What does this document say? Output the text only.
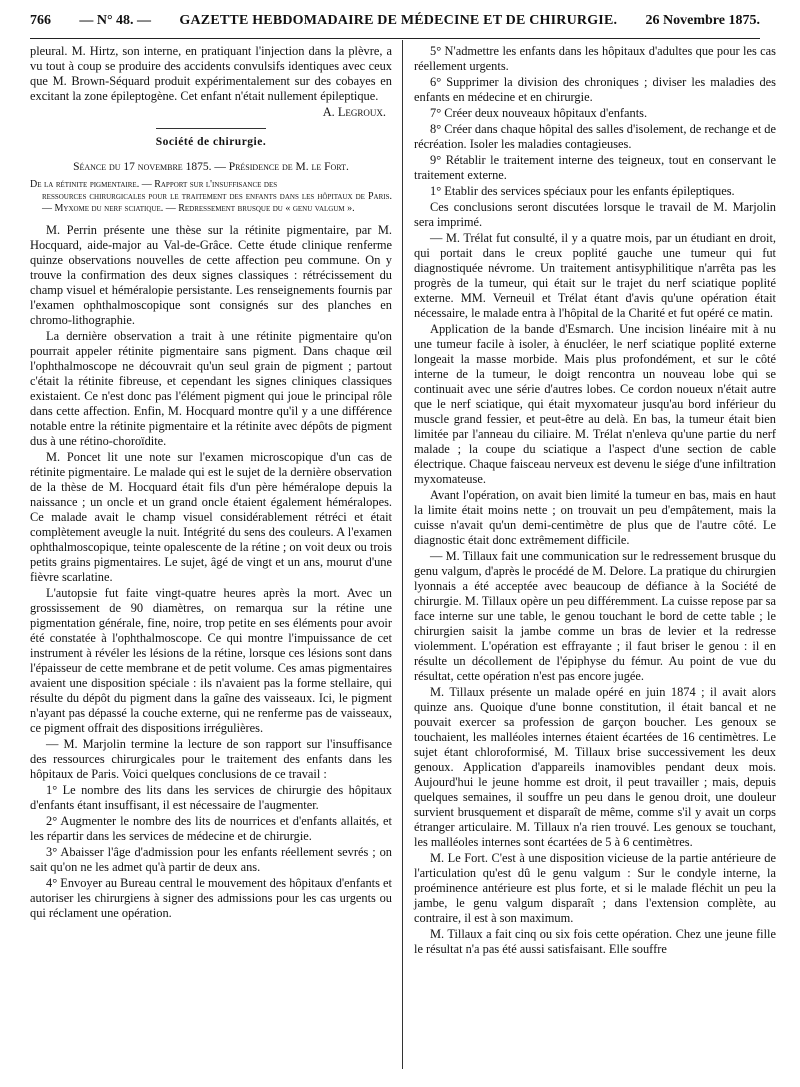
766 — N° 48. — GAZETTE HEBDOMADAIRE DE MÉDECINE ET DE CHIRURGIE. 26 Novembre 1875.

pleural. M. Hirtz, son interne, en pratiquant l'injection dans la plèvre, a vu tout à coup se produire des accidents convulsifs identiques avec ceux que M. Brown-Séquard produit expérimentalement sur des cobayes en excitant la zone épileptogène. Cet enfant n'était nullement épileptique.

A. Legroux.
Société de chirurgie.
Séance du 17 novembre 1875. — Présidence de M. le Fort.
De la rétinite pigmentaire. — Rapport sur l'insuffisance des
ressources chirurgicales pour le traitement des enfants dans les hôpitaux de Paris. — Myxome du nerf sciatique. — Redressement brusque du « genu valgum ».

M. Perrin présente une thèse sur la rétinite pigmentaire, par M. Hocquard, aide-major au Val-de-Grâce. Cette étude clinique renferme quinze observations nouvelles de cette affection peu commune. On y trouve la confirmation des deux signes classiques : rétrécissement du champ visuel et héméralopie persistante. Les renseignements fournis par l'examen ophthalmoscopique sont consignés sur des planches en chromo-lithographie.

La dernière observation a trait à une rétinite pigmentaire qu'on pourrait appeler rétinite pigmentaire sans pigment. Dans chaque œil l'ophthalmoscope ne découvrait qu'un seul grain de pigment ; partout c'était la rétinite fibreuse, et cependant les signes cliniques classiques existaient. Ce n'est donc pas l'élément pigment qui joue le principal rôle dans cette affection. Enfin, M. Hocquard montre qu'il y a une différence notable entre la rétinite pigmentaire et la rétinite avec dépôts de pigment dus à une rétino-choroïdite.

M. Poncet lit une note sur l'examen microscopique d'un cas de rétinite pigmentaire. Le malade qui est le sujet de la dernière observation de la thèse de M. Hocquard était fils d'un père héméralope depuis la naissance ; un oncle et un grand oncle étaient également héméralopes. Ce malade avait le champ visuel considérablement rétréci et était complètement aveugle la nuit. Intégrité du sens des couleurs. A l'examen ophthalmoscopique, teinte opalescente de la rétine ; on voit deux ou trois petits grains pigmentaires. Le sujet, âgé de vingt et un ans, mourut d'une fièvre scarlatine.

L'autopsie fut faite vingt-quatre heures après la mort. Avec un grossissement de 90 diamètres, on remarqua sur la rétine une pigmentation générale, fine, noire, trop petite en ses éléments pour avoir été constatée à l'ophthalmoscope. Ce qui montre l'impuissance de cet instrument à révéler les lésions de la rétine, lorsque ces lésions sont dans l'épaisseur de cette membrane et de petit volume. Ces amas pigmentaires avaient une disposition spéciale : ils n'avaient pas la forme stellaire, qui résulte du dépôt du pigment dans la gaîne des vaisseaux. Ici, le pigment n'ayant pas dépassé la couche externe, qui ne renferme pas de vaisseaux, ce pigment offrait des dispositions irrégulières.

— M. Marjolin termine la lecture de son rapport sur l'insuffisance des ressources chirurgicales pour le traitement des enfants dans les hôpitaux de Paris. Voici quelques conclusions de ce travail :

1° Le nombre des lits dans les services de chirurgie des hôpitaux d'enfants étant insuffisant, il est nécessaire de l'augmenter.

2° Augmenter le nombre des lits de nourrices et d'enfants allaités, et les répartir dans les services de médecine et de chirurgie.

3° Abaisser l'âge d'admission pour les enfants réellement sevrés ; on sait qu'on ne les admet qu'à partir de deux ans.

4° Envoyer au Bureau central le mouvement des hôpitaux d'enfants et autoriser les chirurgiens à signer des admissions pour les cas urgents ou qui réclament une opération.

5° N'admettre les enfants dans les hôpitaux d'adultes que pour les cas réellement urgents.

6° Supprimer la division des chroniques ; diviser les maladies des enfants en médecine et en chirurgie.

7° Créer deux nouveaux hôpitaux d'enfants.

8° Créer dans chaque hôpital des salles d'isolement, de rechange et de récréation. Isoler les maladies contagieuses.

9° Rétablir le traitement interne des teigneux, tout en conservant le traitement externe.

1° Etablir des services spéciaux pour les enfants épileptiques.

Ces conclusions seront discutées lorsque le travail de M. Marjolin sera imprimé.

— M. Trélat fut consulté, il y a quatre mois, par un étudiant en droit, qui portait dans le creux poplité gauche une tumeur qui fut diagnostiquée névrome. Un traitement antisyphilitique n'arrêta pas les progrès de la tumeur, qui était sur le trajet du nerf sciatique poplité externe. MM. Verneuil et Trélat étant d'avis qu'une opération était nécessaire, le malade entra à l'hôpital de la Charité et fut opéré ce matin.

Application de la bande d'Esmarch. Une incision linéaire mit à nu une tumeur facile à isoler, à énucléer, le nerf sciatique poplité externe longeait la masse morbide. Mais plus profondément, et sur le côté interne de la tumeur, le doigt rencontra un nouveau lobe qui se continuait avec une série d'autres lobes. Ce cordon noueux n'était autre que le nerf sciatique, qui était myxomateur jusqu'au bord inférieur du muscle grand fessier, et peut-être au delà. En bas, la tumeur était bien limitée par l'anneau du ciliaire. M. Trélat n'enleva qu'une partie du nerf malade ; la coupe du sciatique a l'aspect d'une section de cable électrique. Chaque faisceau nerveux est devenu le siége d'une infiltration myxomateuse.

Avant l'opération, on avait bien limité la tumeur en bas, mais en haut la limite était moins nette ; on trouvait un peu d'empâtement, mais la cuisse n'avait qu'un demi-centimètre de plus que de l'autre côté. Le diagnostic était donc extrêmement difficile.

— M. Tillaux fait une communication sur le redressement brusque du genu valgum, d'après le procédé de M. Delore. La pratique du chirurgien lyonnais a été acceptée avec beaucoup de défiance à la Société de chirurgie. M. Tillaux opère un peu différemment. La cuisse repose par sa face interne sur une table, le genou touchant le bord de cette table ; le chirurgien saisit la jambe comme un bras de levier et la redresse violemment. L'opération est effrayante ; il faut briser le genou : il en résulte un décollement de l'épiphyse du fémur. Au point de vue du résultat, cette opération n'est pas encore jugée.

M. Tillaux présente un malade opéré en juin 1874 ; il avait alors quinze ans. Quoique d'une bonne constitution, il était bancal et ne pouvait exercer sa profession de garçon boucher. Les genoux se touchaient, les malléoles internes étaient écartées de 16 centimètres. Le sujet étant chloroformisé, M. Tillaux brise successivement les deux genoux. Application d'appareils inamovibles pendant deux mois. Aujourd'hui le jeune homme est droit, il peut travailler ; mais, depuis quelques semaines, il souffre un peu dans le genou droit, une douleur survient brusquement et disparaît de même, comme s'il y avait un corps étranger articulaire. M. Tillaux n'a rien trouvé. Les genoux se touchant, les malléoles internes sont écartées de 5 à 6 centimètres.

M. Le Fort. C'est à une disposition vicieuse de la partie antérieure de l'articulation qu'est dû le genu valgum : Sur le condyle interne, la proéminence antérieure est plus forte, et si le malade fléchit un peu la jambe, le genu valgum disparaît ; dans l'extension complète, au contraire, il est à son maximum.

M. Tillaux a fait cinq ou six fois cette opération. Chez une jeune fille le résultat n'a pas été aussi satisfaisant. Elle souffre
